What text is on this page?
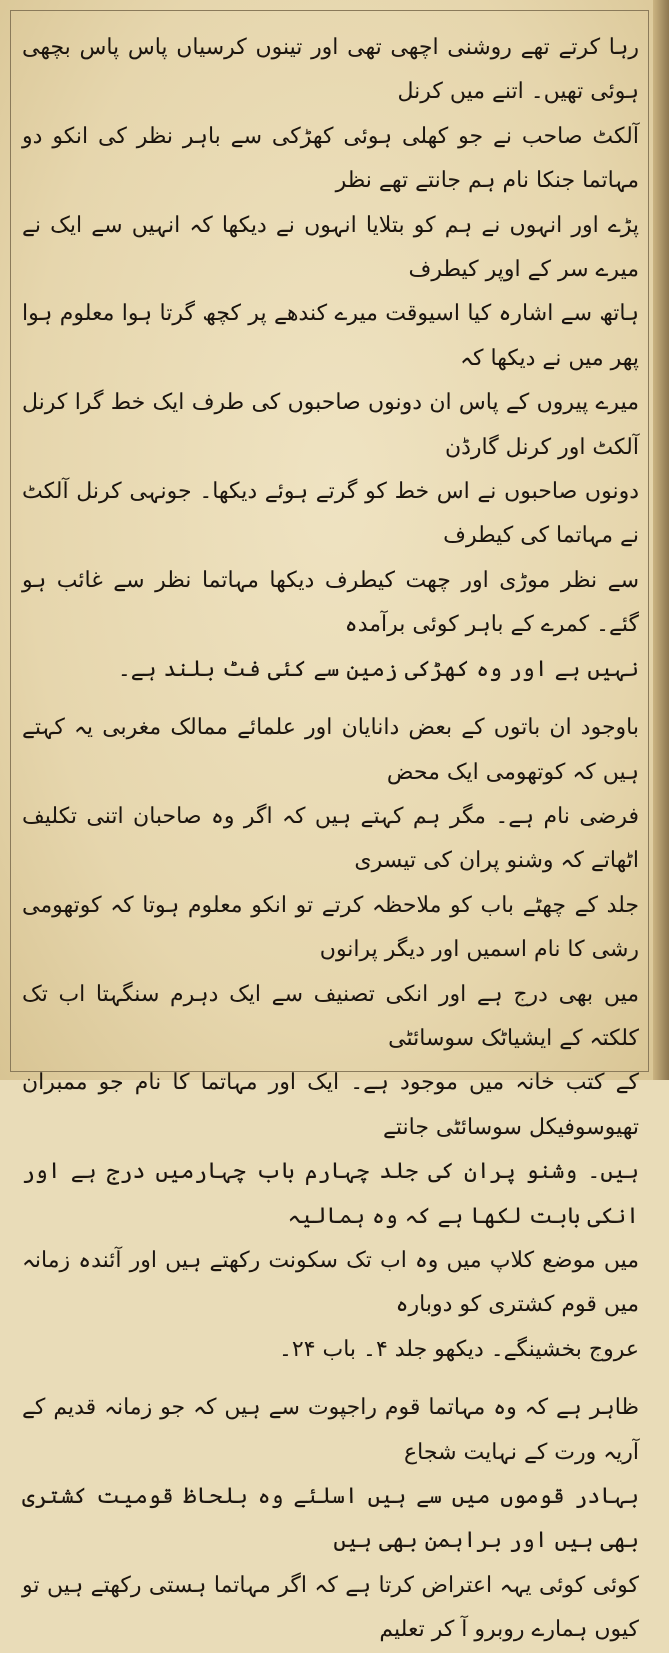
رہا کرتے تھے روشنی اچھی تھی اور تینوں کرسیاں پاس پاس بچھی ہوئی تھیں۔ اتنے میں کرنل

آلکٹ صاحب نے جو کھلی ہوئی کھڑکی سے باہر نظر کی انکو دو مہاتما جنکا نام ہم جانتے تھے نظر

پڑے اور انہوں نے ہم کو بتلایا انہوں نے دیکھا کہ انہیں سے ایک نے میرے سر کے اوپر کیطرف

ہاتھ سے اشارہ کیا اسیوقت میرے کندھے پر کچھ گرتا ہوا معلوم ہوا پھر میں نے دیکھا کہ

میرے پیروں کے پاس ان دونوں صاحبوں کی طرف ایک خط گرا کرنل آلکٹ اور کرنل گارڈن

دونوں صاحبوں نے اس خط کو گرتے ہوئے دیکھا۔ جونہی کرنل آلکٹ نے مہاتما کی کیطرف

سے نظر موڑی اور چھت کیطرف دیکھا مہاتما نظر سے غائب ہو گئے۔ کمرے کے باہر کوئی برآمدہ

نہیں ہے اور وہ کھڑکی زمین سے کئی فٹ بلند ہے۔

باوجود ان باتوں کے بعض دانایان اور علمائے ممالک مغربی یہ کہتے ہیں کہ کوتھومی ایک محض

فرضی نام ہے۔ مگر ہم کہتے ہیں کہ اگر وہ صاحبان اتنی تکلیف اٹھاتے کہ وشنو پران کی تیسری

جلد کے چھٹے باب کو ملاحظہ کرتے تو انکو معلوم ہوتا کہ کوتھومی رشی کا نام اسمیں اور دیگر پرانوں

میں بھی درج ہے اور انکی تصنیف سے ایک دہرم سنگہتا اب تک کلکتہ کے ایشیاٹک سوسائٹی

کے کتب خانہ میں موجود ہے۔ ایک اور مہاتما کا نام جو ممبران تھیوسوفیکل سوسائٹی جانتے

ہیں۔ وشنو پران کی جلد چہارم باب چہارمیں درج ہے اور انکی بابت لکھا ہے کہ وہ ہمالیہ

میں موضع کلاپ میں وہ اب تک سکونت رکھتے ہیں اور آئندہ زمانہ میں قوم کشتری کو دوبارہ

عروج بخشینگے۔ دیکھو جلد ۴۔ باب ۲۴۔

ظاہر ہے کہ وہ مہاتما قوم راجپوت سے ہیں کہ جو زمانہ قدیم کے آریہ ورت کے نہایت شجاع

بہادر قوموں میں سے ہیں اسلئے وہ بلحاظ قومیت کشتری بھی ہیں اور براہمن بھی ہیں

کوئی کوئی یہہ اعتراض کرتا ہے کہ اگر مہاتما ہستی رکھتے ہیں تو کیوں ہمارے روبرو آ کر تعلیم
